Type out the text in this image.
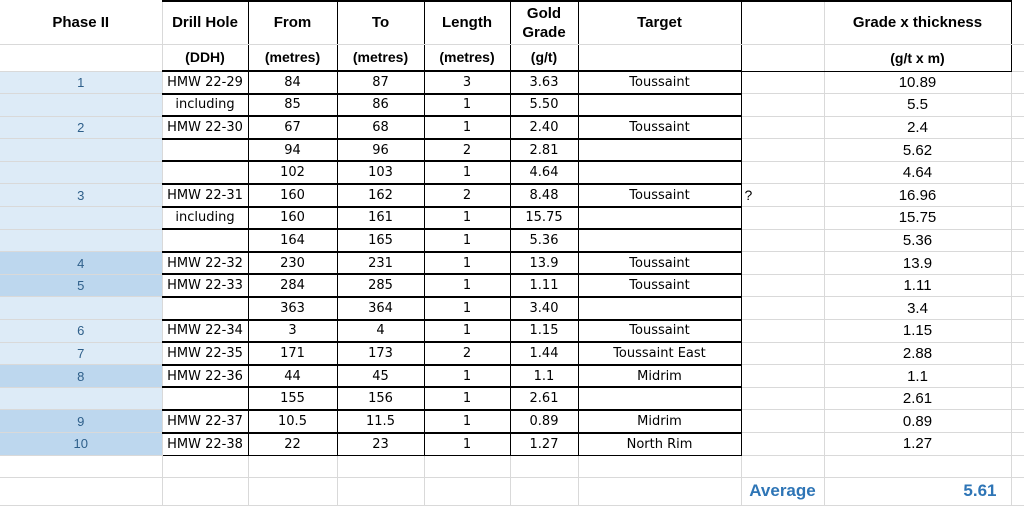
Phase II	Drill Hole	From	To	Length	Gold Grade	Target		Grade x thickness	
	(DDH)	(metres)	(metres)	(metres)	(g/t)			(g/t x m)	
1	HMW 22-29	84	87	3	3.63	Toussaint		10.89	
	including	85	86	1	5.50			5.5	
2	HMW 22-30	67	68	1	2.40	Toussaint		2.4	
		94	96	2	2.81			5.62	
		102	103	1	4.64			4.64	
3	HMW 22-31	160	162	2	8.48	Toussaint	?	16.96	
	including	160	161	1	15.75			15.75	
		164	165	1	5.36			5.36	
4	HMW 22-32	230	231	1	13.9	Toussaint		13.9	
5	HMW 22-33	284	285	1	1.11	Toussaint		1.11	
		363	364	1	3.40			3.4	
6	HMW 22-34	3	4	1	1.15	Toussaint		1.15	
7	HMW 22-35	171	173	2	1.44	Toussaint East		2.88	
8	HMW 22-36	44	45	1	1.1	Midrim		1.1	
		155	156	1	2.61			2.61	
9	HMW 22-37	10.5	11.5	1	0.89	Midrim		0.89	
10	HMW 22-38	22	23	1	1.27	North Rim		1.27	

							Average	5.61	
